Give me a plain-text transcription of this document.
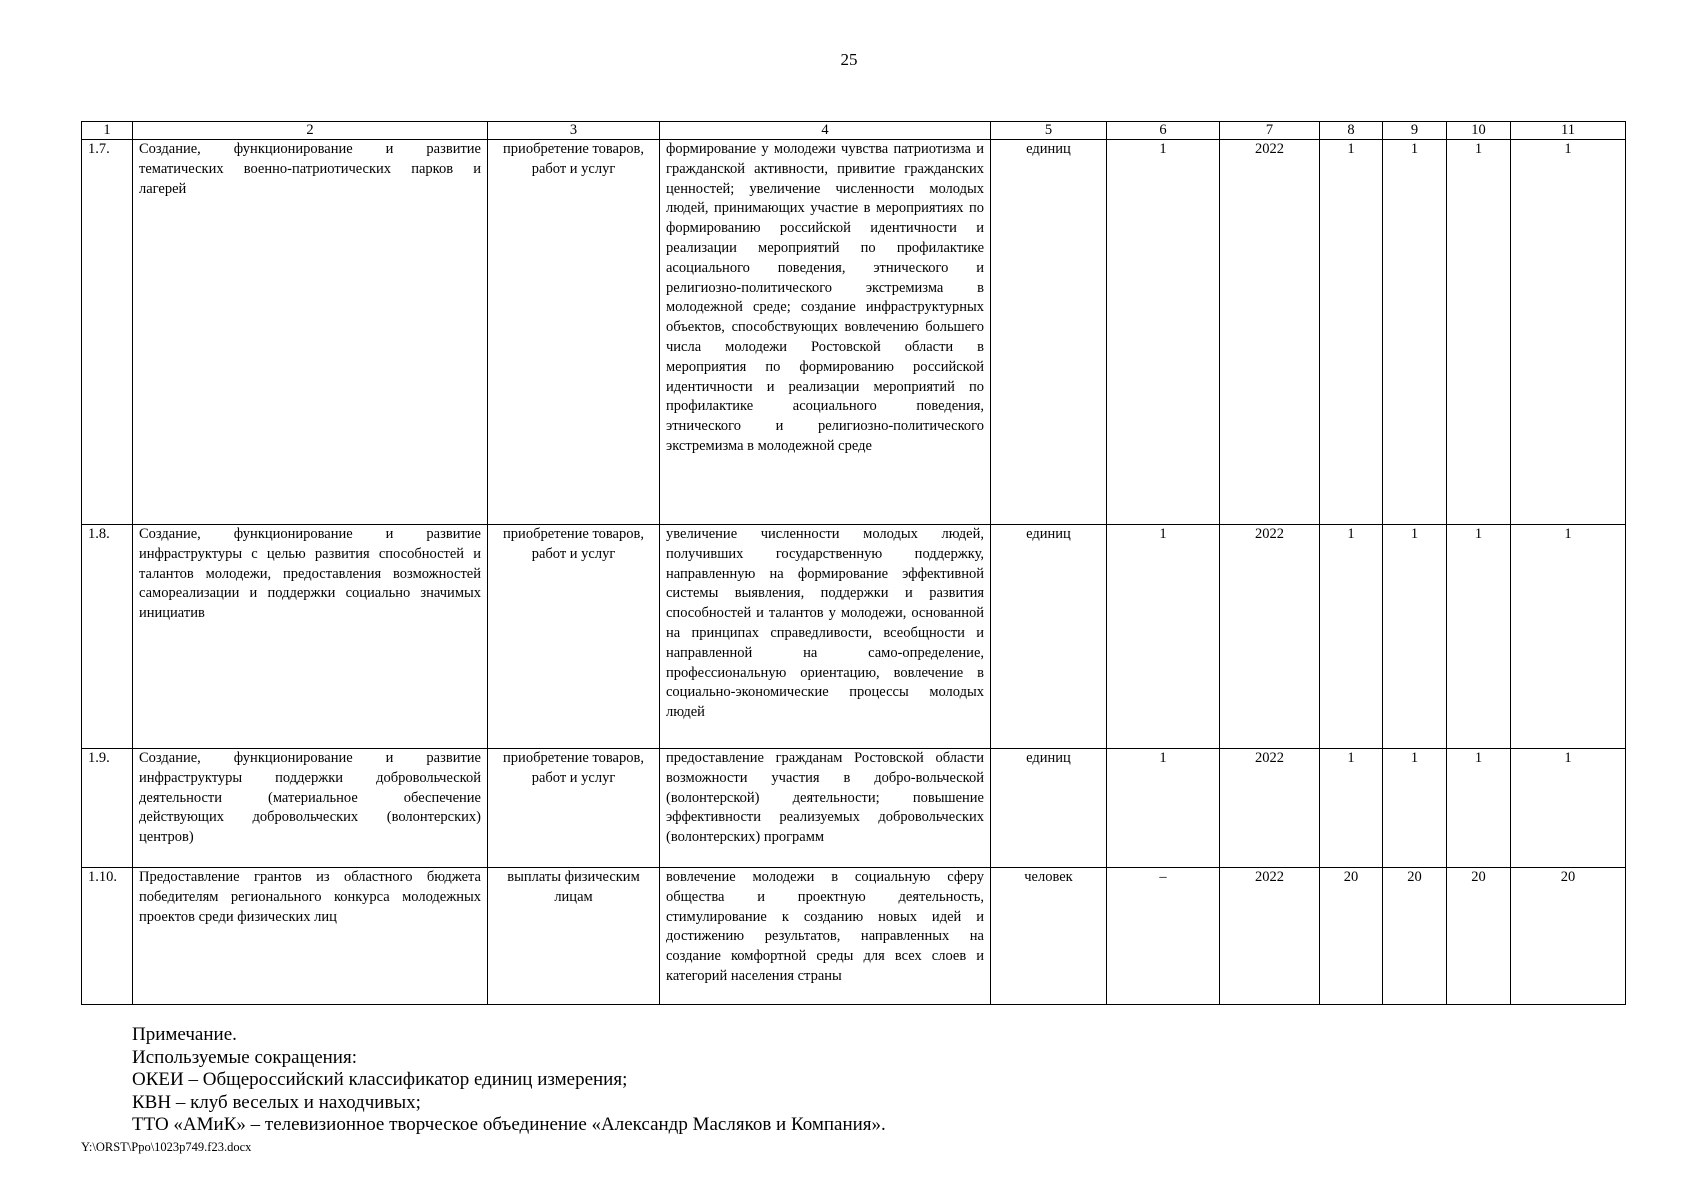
25
1	2	3	4	5	6	7	8	9	10	11
1.7.	Создание, функционирование и развитие тематических военно-патриотических парков и лагерей	приобретение товаров, работ и услуг	формирование у молодежи чувства патриотизма и гражданской активности, привитие гражданских ценностей; увеличение численности молодых людей, принимающих участие в мероприятиях по формированию российской идентичности и реализации мероприятий по профилактике асоциального поведения, этнического и религиозно-политического экстремизма в молодежной среде; создание инфраструктурных объектов, способствующих вовлечению большего числа молодежи Ростовской области в мероприятия по формированию российской идентичности и реализации мероприятий по профилактике асоциального поведения, этнического и религиозно-политического экстремизма в молодежной среде	единиц	1	2022	1	1	1	1
1.8.	Создание, функционирование и развитие инфраструктуры с целью развития способностей и талантов молодежи, предоставления возможностей самореализации и поддержки социально значимых инициатив	приобретение товаров, работ и услуг	увеличение численности молодых людей, получивших государственную поддержку, направленную на формирование эффективной системы выявления, поддержки и развития способностей и талантов у молодежи, основанной на принципах справедливости, всеобщности и направленной на само-определение, профессиональную ориентацию, вовлечение в социально-экономические процессы молодых людей	единиц	1	2022	1	1	1	1
1.9.	Создание, функционирование и развитие инфраструктуры поддержки добровольческой деятельности (материальное обеспечение действующих добровольческих (волонтерских) центров)	приобретение товаров, работ и услуг	предоставление гражданам Ростовской области возможности участия в добро-вольческой (волонтерской) деятельности; повышение эффективности реализуемых добровольческих (волонтерских) программ	единиц	1	2022	1	1	1	1
1.10.	Предоставление грантов из областного бюджета победителям регионального конкурса молодежных проектов среди физических лиц	выплаты физическим лицам	вовлечение молодежи в социальную сферу общества и проектную деятельность, стимулирование к созданию новых идей и достижению результатов, направленных на создание комфортной среды для всех слоев и категорий населения страны	человек	–	2022	20	20	20	20
Примечание.
Используемые сокращения:
ОКЕИ – Общероссийский классификатор единиц измерения;
КВН – клуб веселых и находчивых;
ТТО «АМиК» – телевизионное творческое объединение «Александр Масляков и Компания».
Y:\ORST\Ppo\1023p749.f23.docx
